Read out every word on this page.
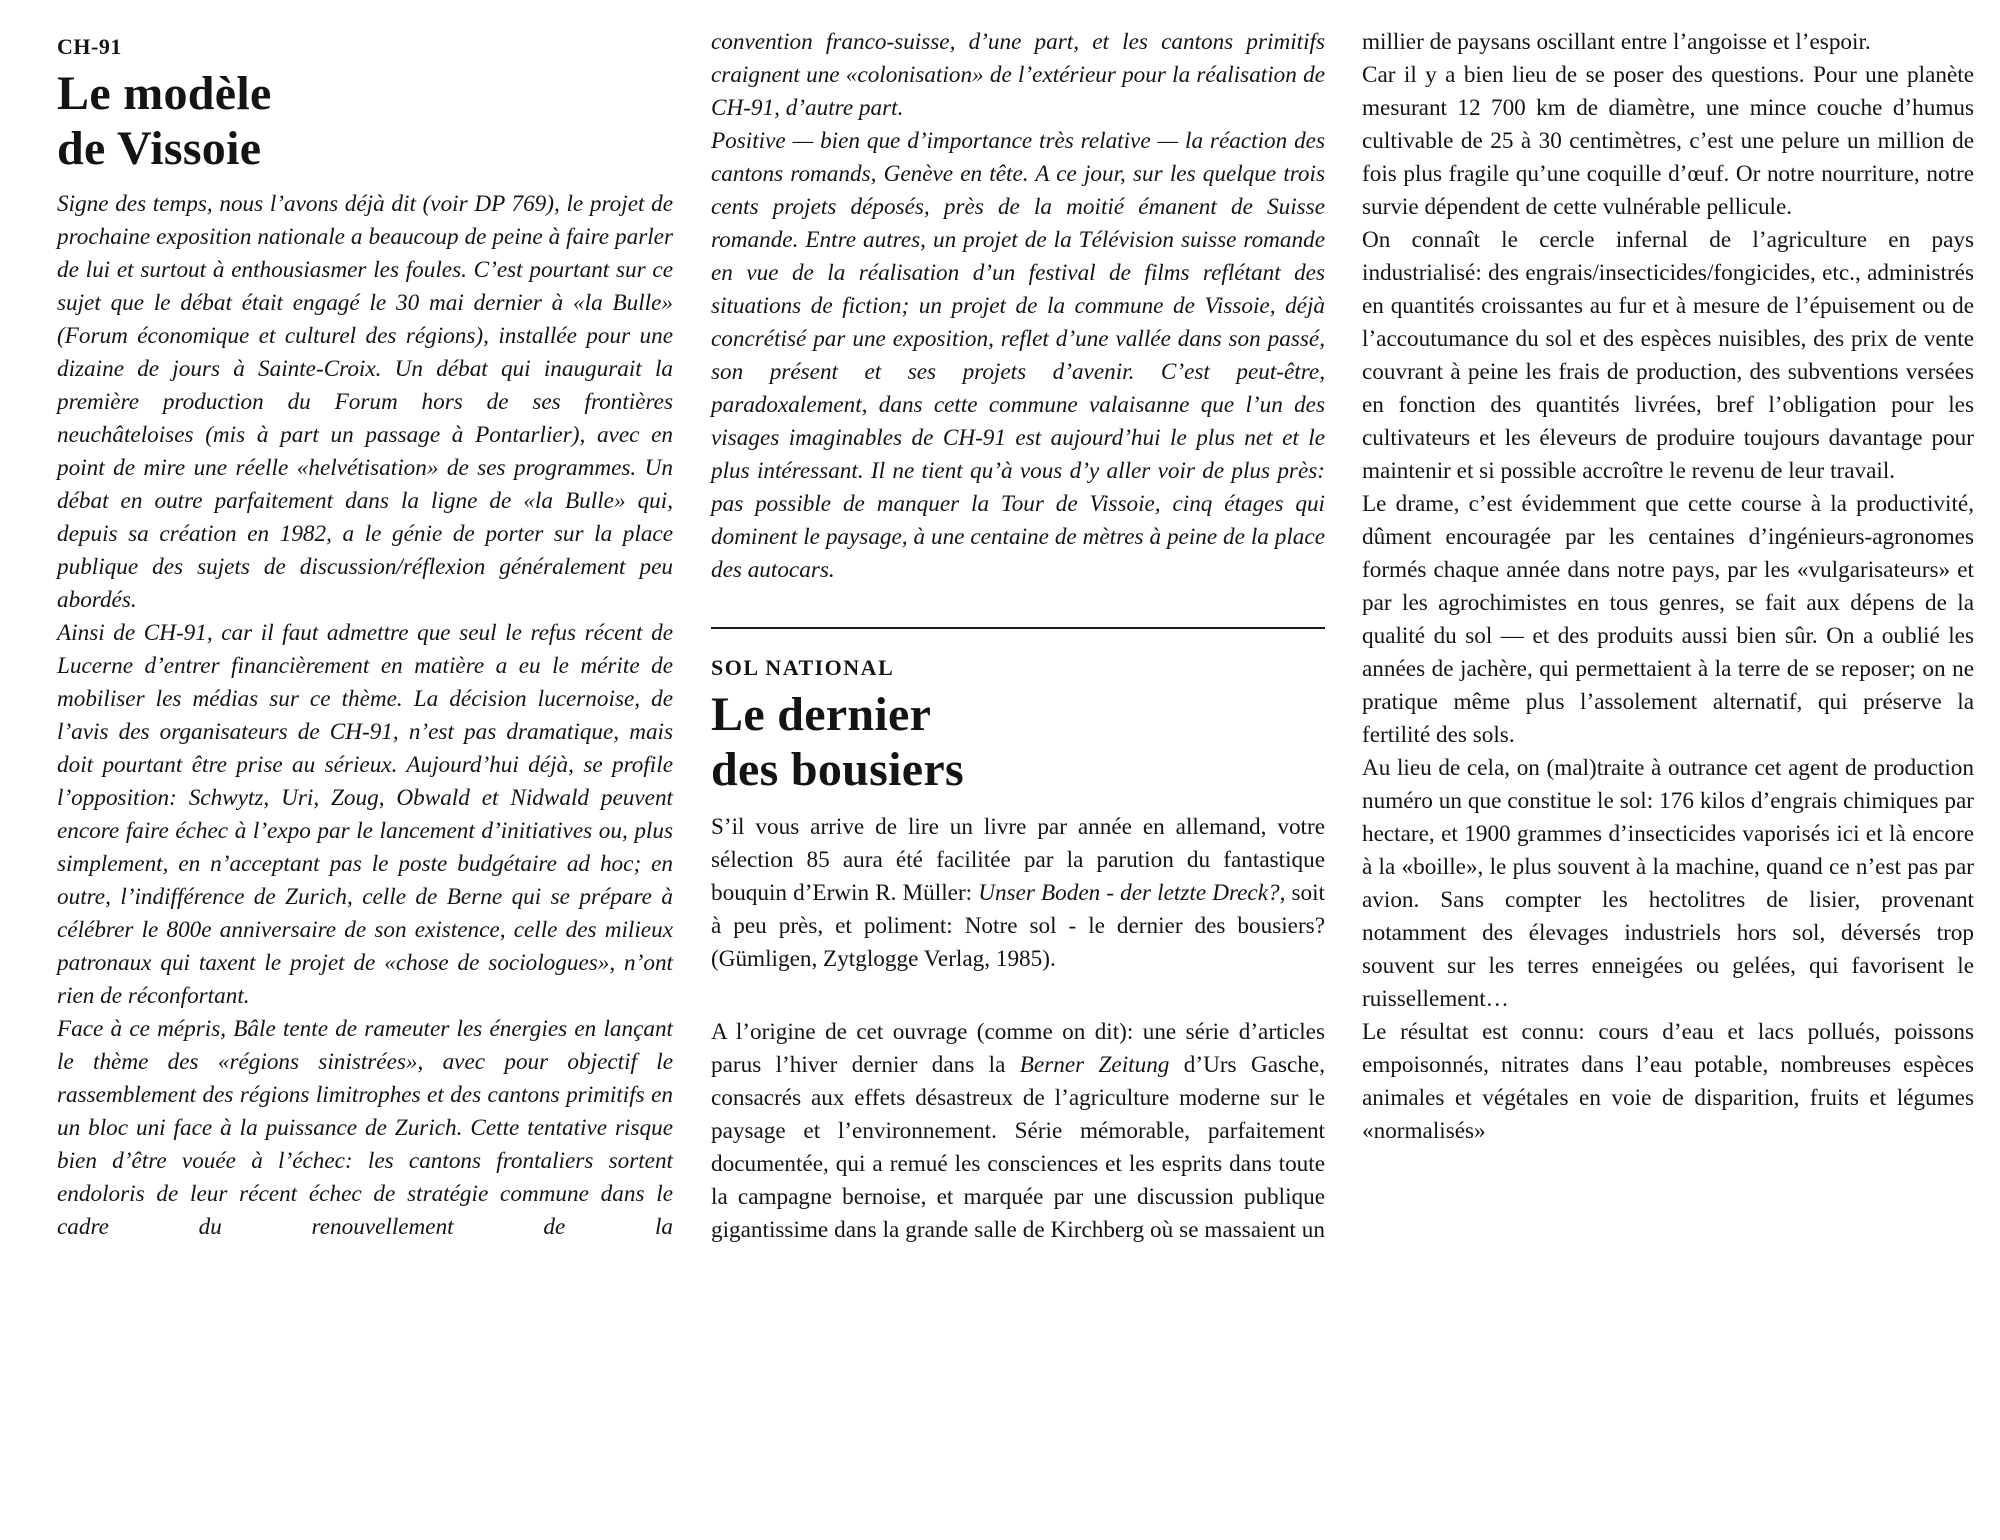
CH-91
Le modèle
de Vissoie

Signe des temps, nous l’avons déjà dit (voir DP 769), le projet de prochaine exposition nationale a beaucoup de peine à faire parler de lui et surtout à enthousiasmer les foules. C’est pourtant sur ce sujet que le débat était engagé le 30 mai dernier à «la Bulle» (Forum économique et culturel des régions), installée pour une dizaine de jours à Sainte-Croix. Un débat qui inaugurait la première production du Forum hors de ses frontières neuchâteloises (mis à part un passage à Pontarlier), avec en point de mire une réelle «helvétisation» de ses programmes. Un débat en outre parfaitement dans la ligne de «la Bulle» qui, depuis sa création en 1982, a le génie de porter sur la place publique des sujets de discussion/réflexion généralement peu abordés.

Ainsi de CH-91, car il faut admettre que seul le refus récent de Lucerne d’entrer financièrement en matière a eu le mérite de mobiliser les médias sur ce thème. La décision lucernoise, de l’avis des organisateurs de CH-91, n’est pas dramatique, mais doit pourtant être prise au sérieux. Aujourd’hui déjà, se profile l’opposition: Schwytz, Uri, Zoug, Obwald et Nidwald peuvent encore faire échec à l’expo par le lancement d’initiatives ou, plus simplement, en n’acceptant pas le poste budgétaire ad hoc; en outre, l’indifférence de Zurich, celle de Berne qui se prépare à célébrer le 800e anniversaire de son existence, celle des milieux patronaux qui taxent le projet de «chose de sociologues», n’ont rien de réconfortant.

Face à ce mépris, Bâle tente de rameuter les énergies en lançant le thème des «régions sinistrées», avec pour objectif le rassemblement des régions limitrophes et des cantons primitifs en un bloc uni face à la puissance de Zurich. Cette tentative risque bien d’être vouée à l’échec: les cantons frontaliers sortent endoloris de leur récent échec de stratégie commune dans le cadre du renouvellement de la

convention franco-suisse, d’une part, et les cantons primitifs craignent une «colonisation» de l’extérieur pour la réalisation de CH-91, d’autre part.

Positive — bien que d’importance très relative — la réaction des cantons romands, Genève en tête. A ce jour, sur les quelque trois cents projets déposés, près de la moitié émanent de Suisse romande. Entre autres, un projet de la Télévision suisse romande en vue de la réalisation d’un festival de films reflétant des situations de fiction; un projet de la commune de Vissoie, déjà concrétisé par une exposition, reflet d’une vallée dans son passé, son présent et ses projets d’avenir. C’est peut-être, paradoxalement, dans cette commune valaisanne que l’un des visages imaginables de CH-91 est aujourd’hui le plus net et le plus intéressant. Il ne tient qu’à vous d’y aller voir de plus près: pas possible de manquer la Tour de Vissoie, cinq étages qui dominent le paysage, à une centaine de mètres à peine de la place des autocars.

SOL NATIONAL
Le dernier
des bousiers

S’il vous arrive de lire un livre par année en allemand, votre sélection 85 aura été facilitée par la parution du fantastique bouquin d’Erwin R. Müller: Unser Boden - der letzte Dreck?, soit à peu près, et poliment: Notre sol - le dernier des bousiers? (Gümligen, Zytglogge Verlag, 1985).

A l’origine de cet ouvrage (comme on dit): une série d’articles parus l’hiver dernier dans la Berner Zeitung d’Urs Gasche, consacrés aux effets désastreux de l’agriculture moderne sur le paysage et l’environnement. Série mémorable, parfaitement documentée, qui a remué les consciences et les esprits dans toute la campagne bernoise, et marquée par une discussion publique gigantissime dans la grande salle de Kirchberg où se massaient un

millier de paysans oscillant entre l’angoisse et l’espoir.

Car il y a bien lieu de se poser des questions. Pour une planète mesurant 12 700 km de diamètre, une mince couche d’humus cultivable de 25 à 30 centimètres, c’est une pelure un million de fois plus fragile qu’une coquille d’œuf. Or notre nourriture, notre survie dépendent de cette vulnérable pellicule.

On connaît le cercle infernal de l’agriculture en pays industrialisé: des engrais/insecticides/fongicides, etc., administrés en quantités croissantes au fur et à mesure de l’épuisement ou de l’accoutumance du sol et des espèces nuisibles, des prix de vente couvrant à peine les frais de production, des subventions versées en fonction des quantités livrées, bref l’obligation pour les cultivateurs et les éleveurs de produire toujours davantage pour maintenir et si possible accroître le revenu de leur travail.

Le drame, c’est évidemment que cette course à la productivité, dûment encouragée par les centaines d’ingénieurs-agronomes formés chaque année dans notre pays, par les «vulgarisateurs» et par les agrochimistes en tous genres, se fait aux dépens de la qualité du sol — et des produits aussi bien sûr. On a oublié les années de jachère, qui permettaient à la terre de se reposer; on ne pratique même plus l’assolement alternatif, qui préserve la fertilité des sols.

Au lieu de cela, on (mal)traite à outrance cet agent de production numéro un que constitue le sol: 176 kilos d’engrais chimiques par hectare, et 1900 grammes d’insecticides vaporisés ici et là encore à la «boille», le plus souvent à la machine, quand ce n’est pas par avion. Sans compter les hectolitres de lisier, provenant notamment des élevages industriels hors sol, déversés trop souvent sur les terres enneigées ou gelées, qui favorisent le ruissellement…

Le résultat est connu: cours d’eau et lacs pollués, poissons empoisonnés, nitrates dans l’eau potable, nombreuses espèces animales et végétales en voie de disparition, fruits et légumes «normalisés»
